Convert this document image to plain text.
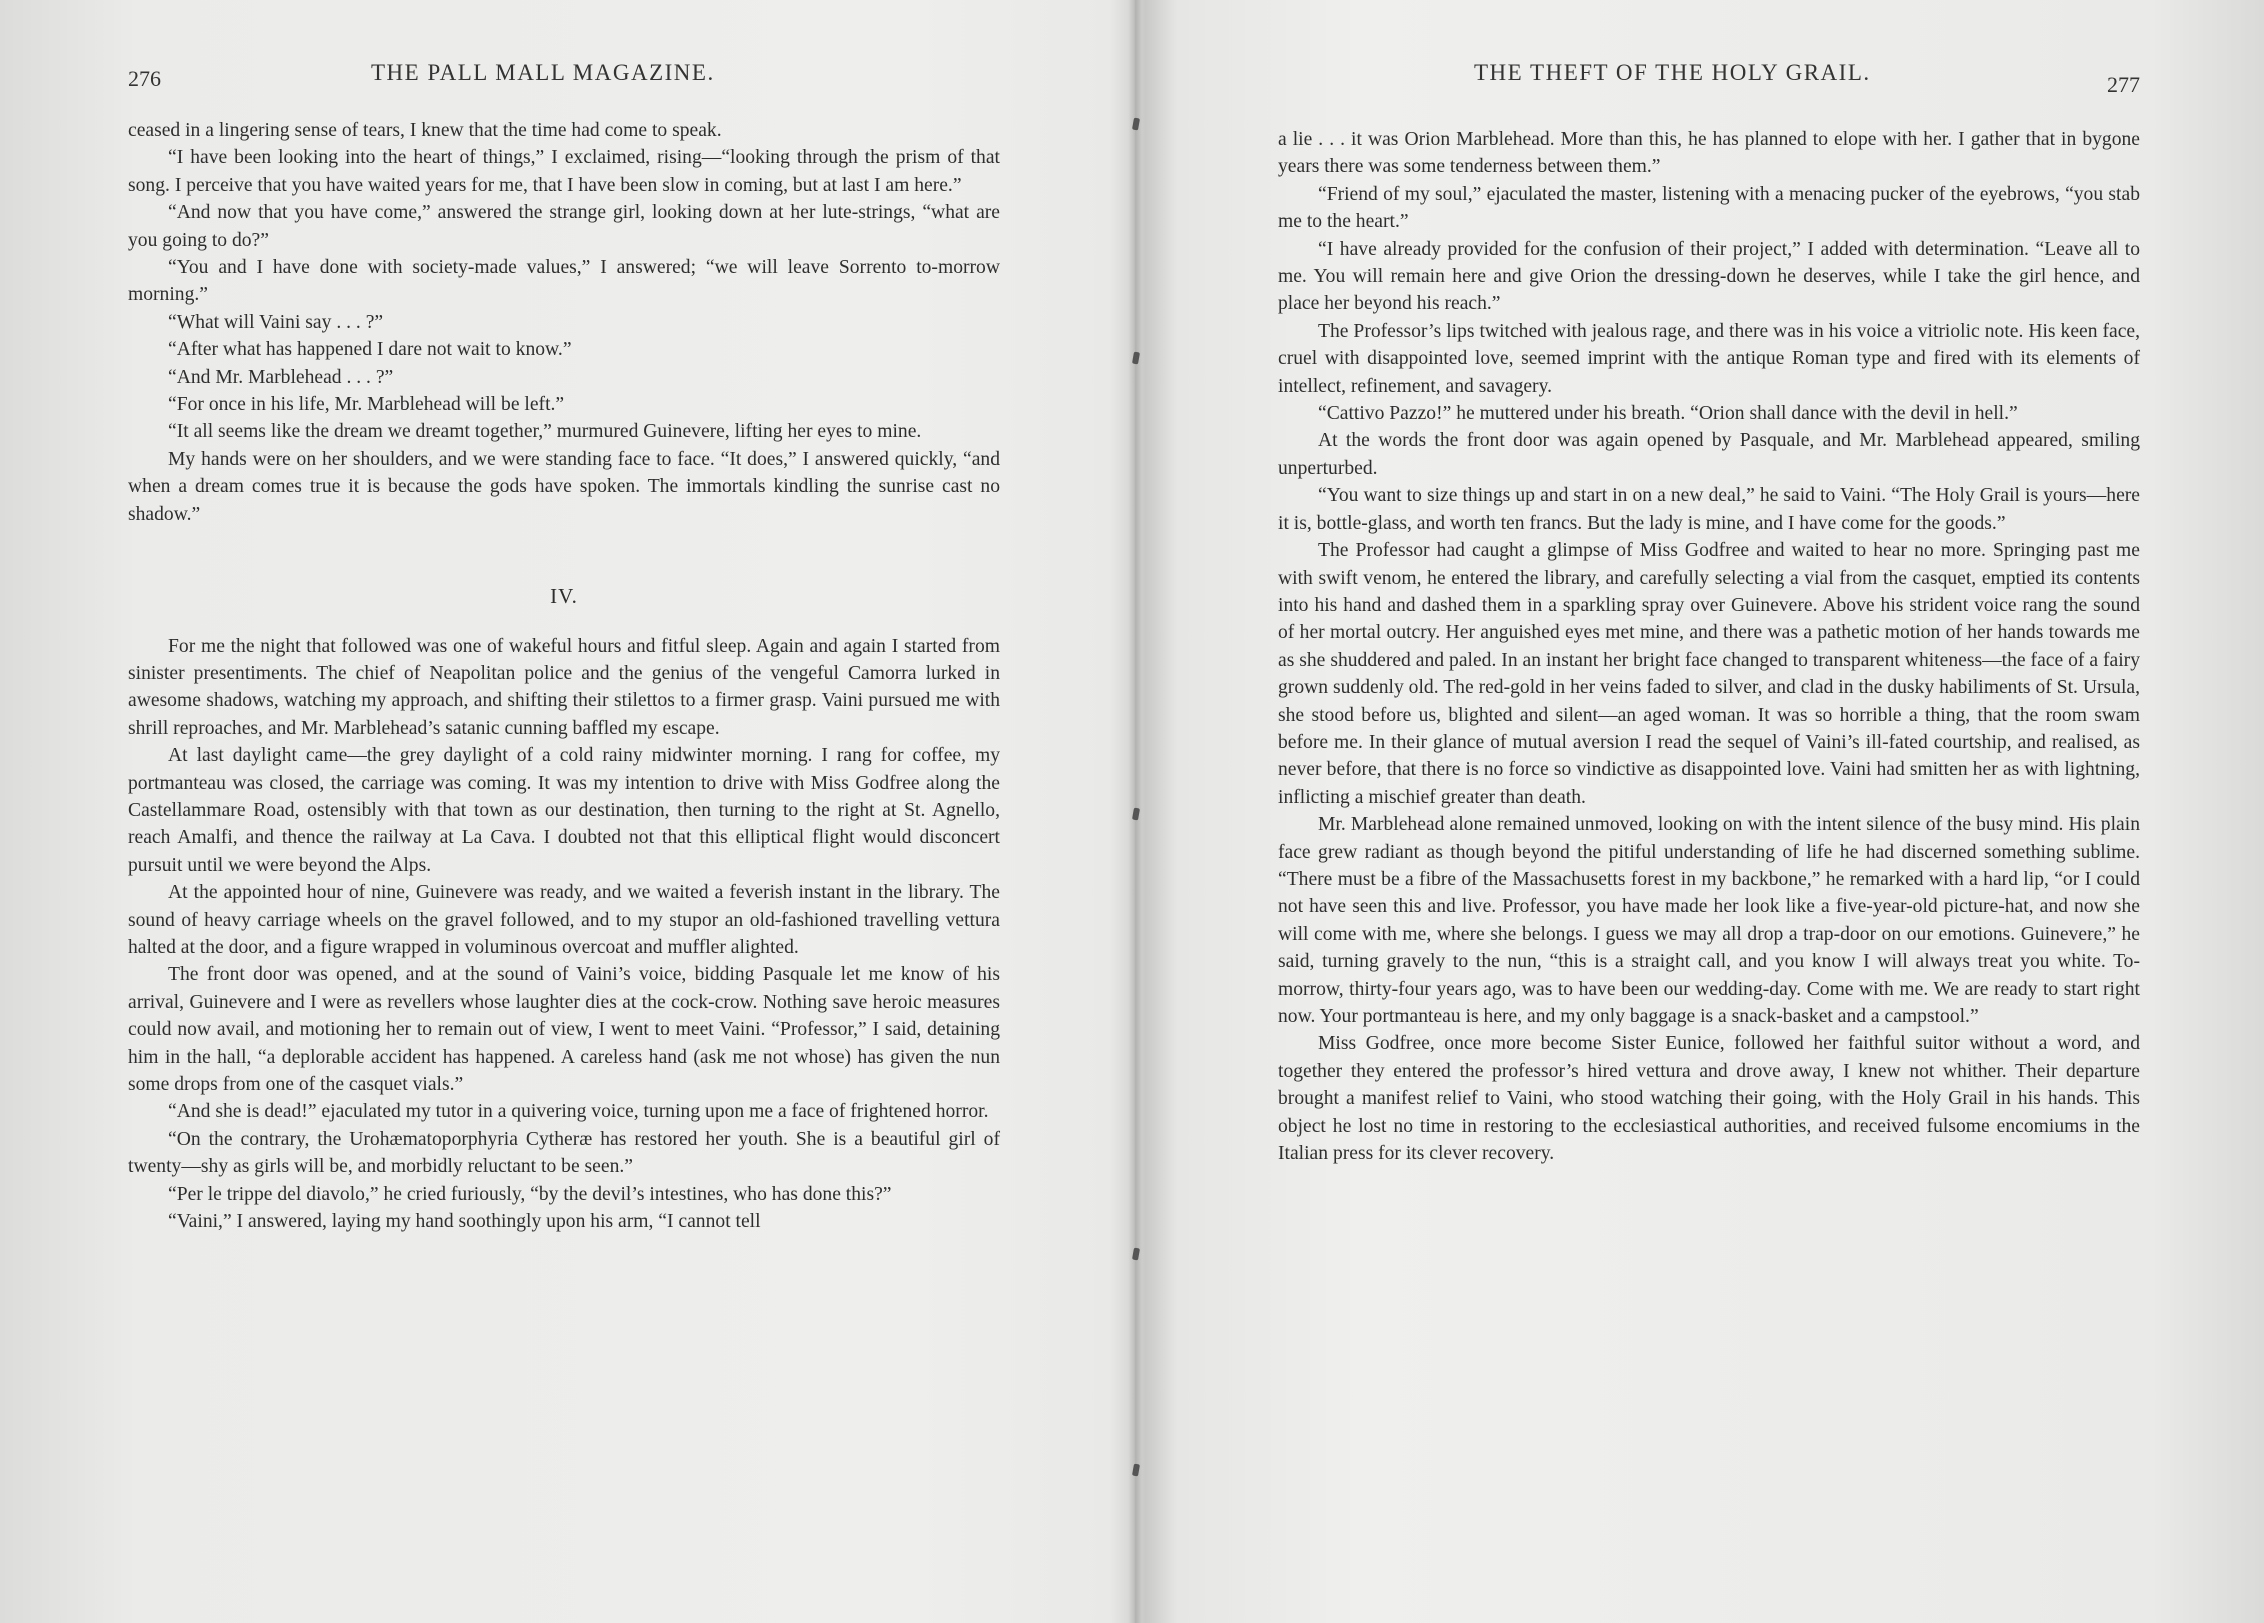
276	THE PALL MALL MAGAZINE.

ceased in a lingering sense of tears, I knew that the time had come to speak.

“I have been looking into the heart of things,” I exclaimed, rising—“looking through the prism of that song. I perceive that you have waited years for me, that I have been slow in coming, but at last I am here.”

“And now that you have come,” answered the strange girl, looking down at her lute-strings, “what are you going to do?”

“You and I have done with society-made values,” I answered; “we will leave Sorrento to-morrow morning.”

“What will Vaini say . . . ?”

“After what has happened I dare not wait to know.”

“And Mr. Marblehead . . . ?”

“For once in his life, Mr. Marblehead will be left.”

“It all seems like the dream we dreamt together,” murmured Guinevere, lifting her eyes to mine.

My hands were on her shoulders, and we were standing face to face. “It does,” I answered quickly, “and when a dream comes true it is because the gods have spoken. The immortals kindling the sunrise cast no shadow.”

IV.

For me the night that followed was one of wakeful hours and fitful sleep. Again and again I started from sinister presentiments. The chief of Neapolitan police and the genius of the vengeful Camorra lurked in awesome shadows, watching my approach, and shifting their stilettos to a firmer grasp. Vaini pursued me with shrill reproaches, and Mr. Marblehead’s satanic cunning baffled my escape.

At last daylight came—the grey daylight of a cold rainy midwinter morning. I rang for coffee, my portmanteau was closed, the carriage was coming. It was my intention to drive with Miss Godfree along the Castellammare Road, ostensibly with that town as our destination, then turning to the right at St. Agnello, reach Amalfi, and thence the railway at La Cava. I doubted not that this elliptical flight would disconcert pursuit until we were beyond the Alps.

At the appointed hour of nine, Guinevere was ready, and we waited a feverish instant in the library. The sound of heavy carriage wheels on the gravel followed, and to my stupor an old-fashioned travelling vettura halted at the door, and a figure wrapped in voluminous overcoat and muffler alighted.

The front door was opened, and at the sound of Vaini’s voice, bidding Pasquale let me know of his arrival, Guinevere and I were as revellers whose laughter dies at the cock-crow. Nothing save heroic measures could now avail, and motioning her to remain out of view, I went to meet Vaini. “Professor,” I said, detaining him in the hall, “a deplorable accident has happened. A careless hand (ask me not whose) has given the nun some drops from one of the casquet vials.”

“And she is dead!” ejaculated my tutor in a quivering voice, turning upon me a face of frightened horror.

“On the contrary, the Urohæmatoporphyria Cytheræ has restored her youth. She is a beautiful girl of twenty—shy as girls will be, and morbidly reluctant to be seen.”

“Per le trippe del diavolo,” he cried furiously, “by the devil’s intestines, who has done this?”

“Vaini,” I answered, laying my hand soothingly upon his arm, “I cannot tell

THE THEFT OF THE HOLY GRAIL.	277

a lie . . . it was Orion Marblehead. More than this, he has planned to elope with her. I gather that in bygone years there was some tenderness between them.”

“Friend of my soul,” ejaculated the master, listening with a menacing pucker of the eyebrows, “you stab me to the heart.”

“I have already provided for the confusion of their project,” I added with determination. “Leave all to me. You will remain here and give Orion the dressing-down he deserves, while I take the girl hence, and place her beyond his reach.”

The Professor’s lips twitched with jealous rage, and there was in his voice a vitriolic note. His keen face, cruel with disappointed love, seemed imprint with the antique Roman type and fired with its elements of intellect, refinement, and savagery.

“Cattivo Pazzo!” he muttered under his breath. “Orion shall dance with the devil in hell.”

At the words the front door was again opened by Pasquale, and Mr. Marblehead appeared, smiling unperturbed.

“You want to size things up and start in on a new deal,” he said to Vaini. “The Holy Grail is yours—here it is, bottle-glass, and worth ten francs. But the lady is mine, and I have come for the goods.”

The Professor had caught a glimpse of Miss Godfree and waited to hear no more. Springing past me with swift venom, he entered the library, and carefully selecting a vial from the casquet, emptied its contents into his hand and dashed them in a sparkling spray over Guinevere. Above his strident voice rang the sound of her mortal outcry. Her anguished eyes met mine, and there was a pathetic motion of her hands towards me as she shuddered and paled. In an instant her bright face changed to transparent whiteness—the face of a fairy grown suddenly old. The red-gold in her veins faded to silver, and clad in the dusky habiliments of St. Ursula, she stood before us, blighted and silent—an aged woman. It was so horrible a thing, that the room swam before me. In their glance of mutual aversion I read the sequel of Vaini’s ill-fated courtship, and realised, as never before, that there is no force so vindictive as disappointed love. Vaini had smitten her as with lightning, inflicting a mischief greater than death.

Mr. Marblehead alone remained unmoved, looking on with the intent silence of the busy mind. His plain face grew radiant as though beyond the pitiful understanding of life he had discerned something sublime. “There must be a fibre of the Massachusetts forest in my backbone,” he remarked with a hard lip, “or I could not have seen this and live. Professor, you have made her look like a five-year-old picture-hat, and now she will come with me, where she belongs. I guess we may all drop a trap-door on our emotions. Guinevere,” he said, turning gravely to the nun, “this is a straight call, and you know I will always treat you white. To-morrow, thirty-four years ago, was to have been our wedding-day. Come with me. We are ready to start right now. Your portmanteau is here, and my only baggage is a snack-basket and a campstool.”

Miss Godfree, once more become Sister Eunice, followed her faithful suitor without a word, and together they entered the professor’s hired vettura and drove away, I knew not whither. Their departure brought a manifest relief to Vaini, who stood watching their going, with the Holy Grail in his hands. This object he lost no time in restoring to the ecclesiastical authorities, and received fulsome encomiums in the Italian press for its clever recovery.
